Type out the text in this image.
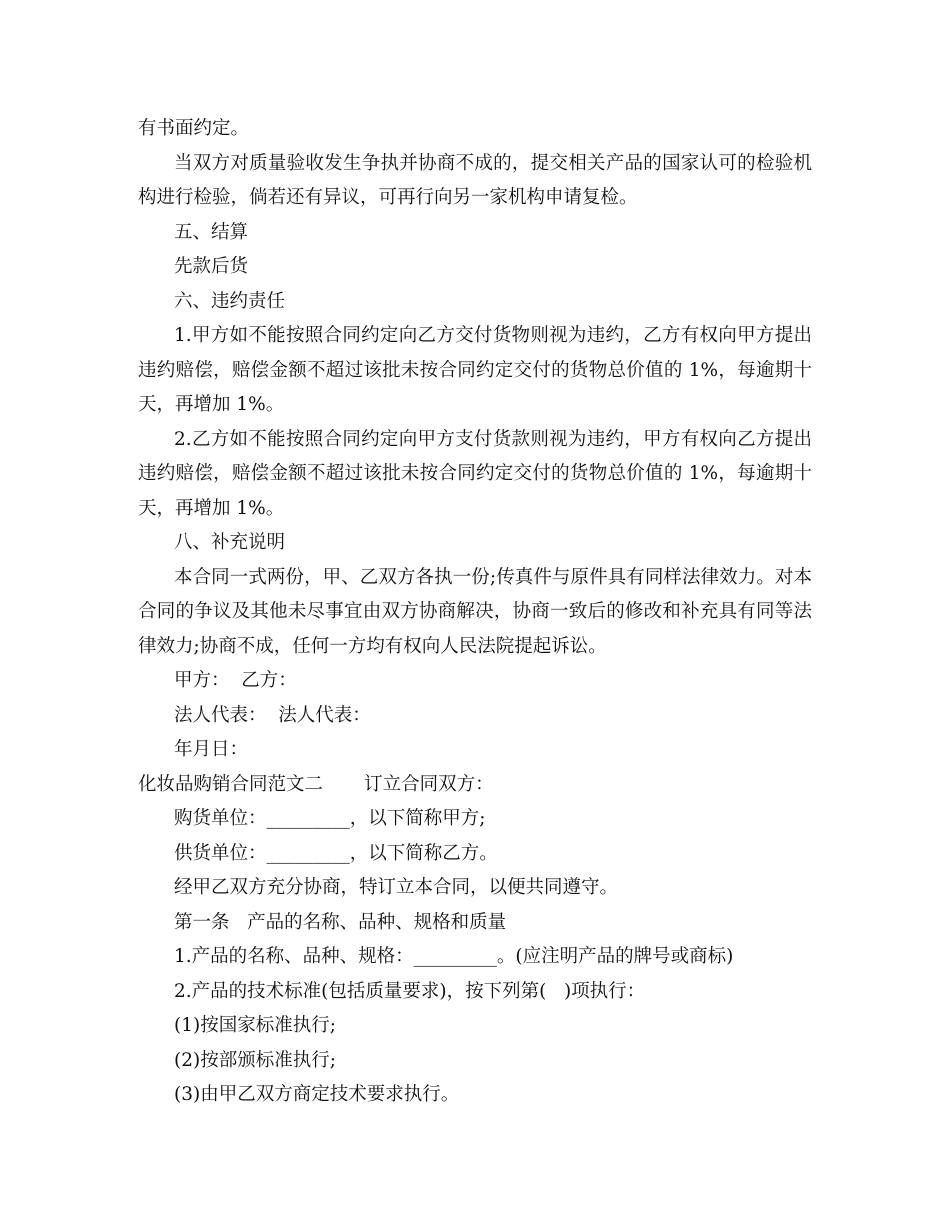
有书面约定。

当双方对质量验收发生争执并协商不成的，提交相关产品的国家认可的检验机构进行检验，倘若还有异议，可再行向另一家机构申请复检。

五、结算

先款后货

六、违约责任

1.甲方如不能按照合同约定向乙方交付货物则视为违约，乙方有权向甲方提出违约赔偿，赔偿金额不超过该批未按合同约定交付的货物总价值的 1%，每逾期十天，再增加 1%。

2.乙方如不能按照合同约定向甲方支付货款则视为违约，甲方有权向乙方提出违约赔偿，赔偿金额不超过该批未按合同约定交付的货物总价值的 1%，每逾期十天，再增加 1%。

八、补充说明

本合同一式两份，甲、乙双方各执一份;传真件与原件具有同样法律效力。对本合同的争议及其他未尽事宜由双方协商解决，协商一致后的修改和补充具有同等法律效力;协商不成，任何一方均有权向人民法院提起诉讼。

甲方：  乙方：

法人代表：  法人代表：

年月日：

化妆品购销合同范文二       订立合同双方：

购货单位：_________，以下简称甲方;

供货单位：_________，以下简称乙方。

经甲乙双方充分协商，特订立本合同，以便共同遵守。

第一条   产品的名称、品种、规格和质量

1.产品的名称、品种、规格：_________。(应注明产品的牌号或商标)

2.产品的技术标准(包括质量要求)，按下列第(   )项执行：

(1)按国家标准执行;

(2)按部颁标准执行;

(3)由甲乙双方商定技术要求执行。
